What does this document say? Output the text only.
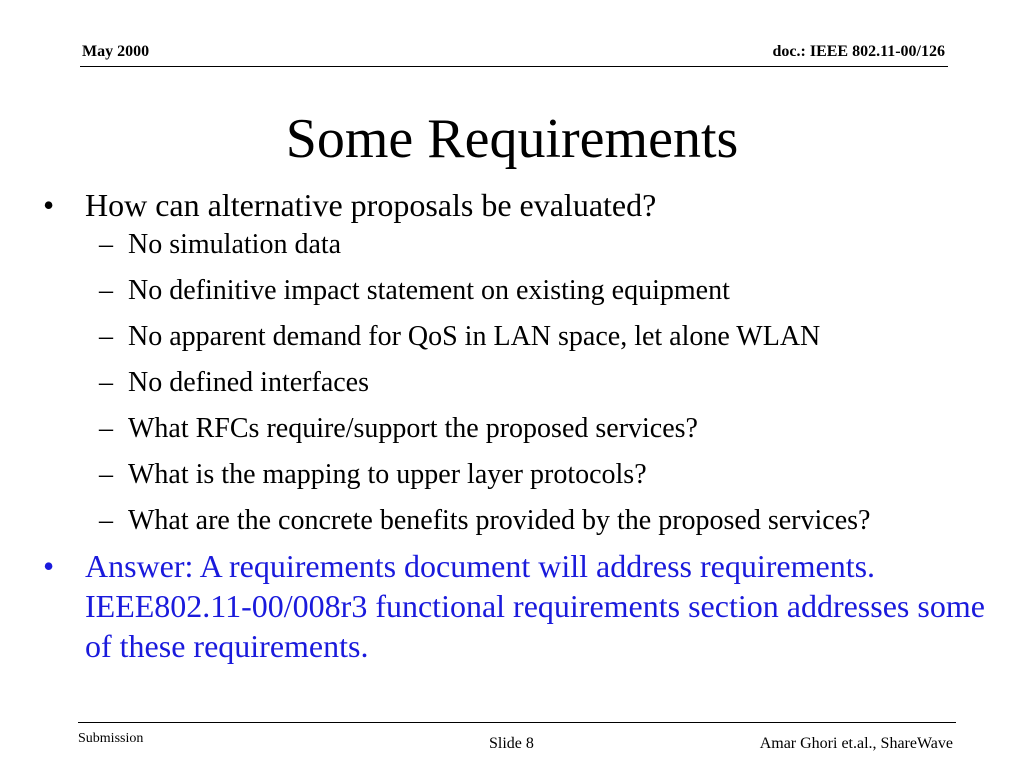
May 2000	doc.: IEEE 802.11-00/126
Some Requirements
• How can alternative proposals be evaluated?
– No simulation data
– No definitive impact statement on existing equipment
– No apparent demand for QoS in LAN space, let alone WLAN
– No defined interfaces
– What RFCs require/support the proposed services?
– What is the mapping to upper layer protocols?
– What are the concrete benefits provided by the proposed services?
• Answer: A requirements document will address requirements. IEEE802.11-00/008r3 functional requirements section addresses some of these requirements.
Submission	Slide 8	Amar Ghori et.al., ShareWave
